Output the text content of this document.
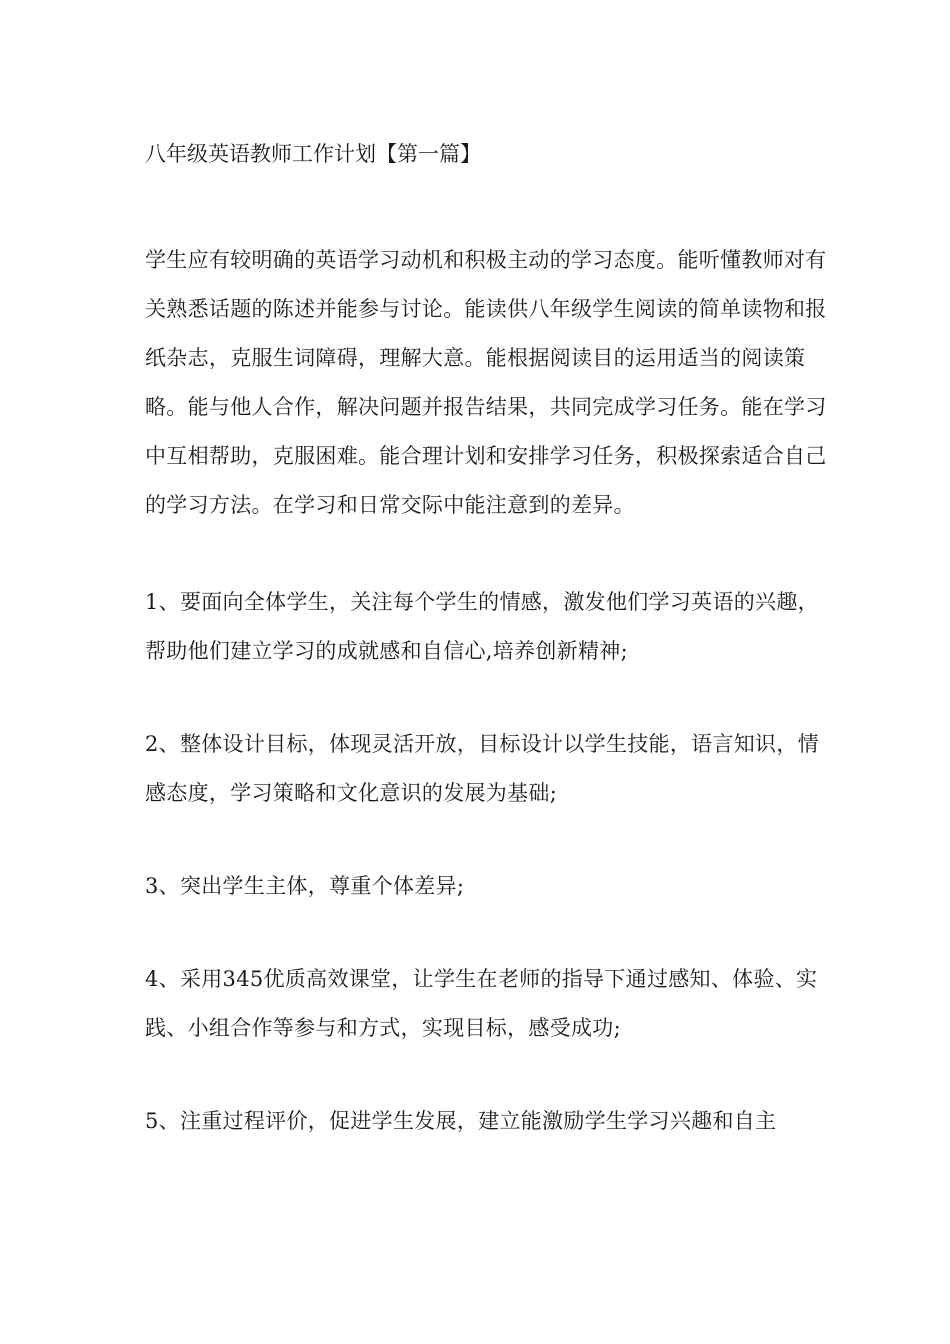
八年级英语教师工作计划【第一篇】

学生应有较明确的英语学习动机和积极主动的学习态度。能听懂教师对有关熟悉话题的陈述并能参与讨论。能读供八年级学生阅读的简单读物和报纸杂志，克服生词障碍，理解大意。能根据阅读目的运用适当的阅读策略。能与他人合作，解决问题并报告结果，共同完成学习任务。能在学习中互相帮助，克服困难。能合理计划和安排学习任务，积极探索适合自己的学习方法。在学习和日常交际中能注意到的差异。

1、要面向全体学生，关注每个学生的情感，激发他们学习英语的兴趣，帮助他们建立学习的成就感和自信心,培养创新精神;

2、整体设计目标，体现灵活开放，目标设计以学生技能，语言知识，情感态度，学习策略和文化意识的发展为基础;

3、突出学生主体，尊重个体差异;

4、采用345优质高效课堂，让学生在老师的指导下通过感知、体验、实践、小组合作等参与和方式，实现目标，感受成功;

5、注重过程评价，促进学生发展，建立能激励学生学习兴趣和自主
